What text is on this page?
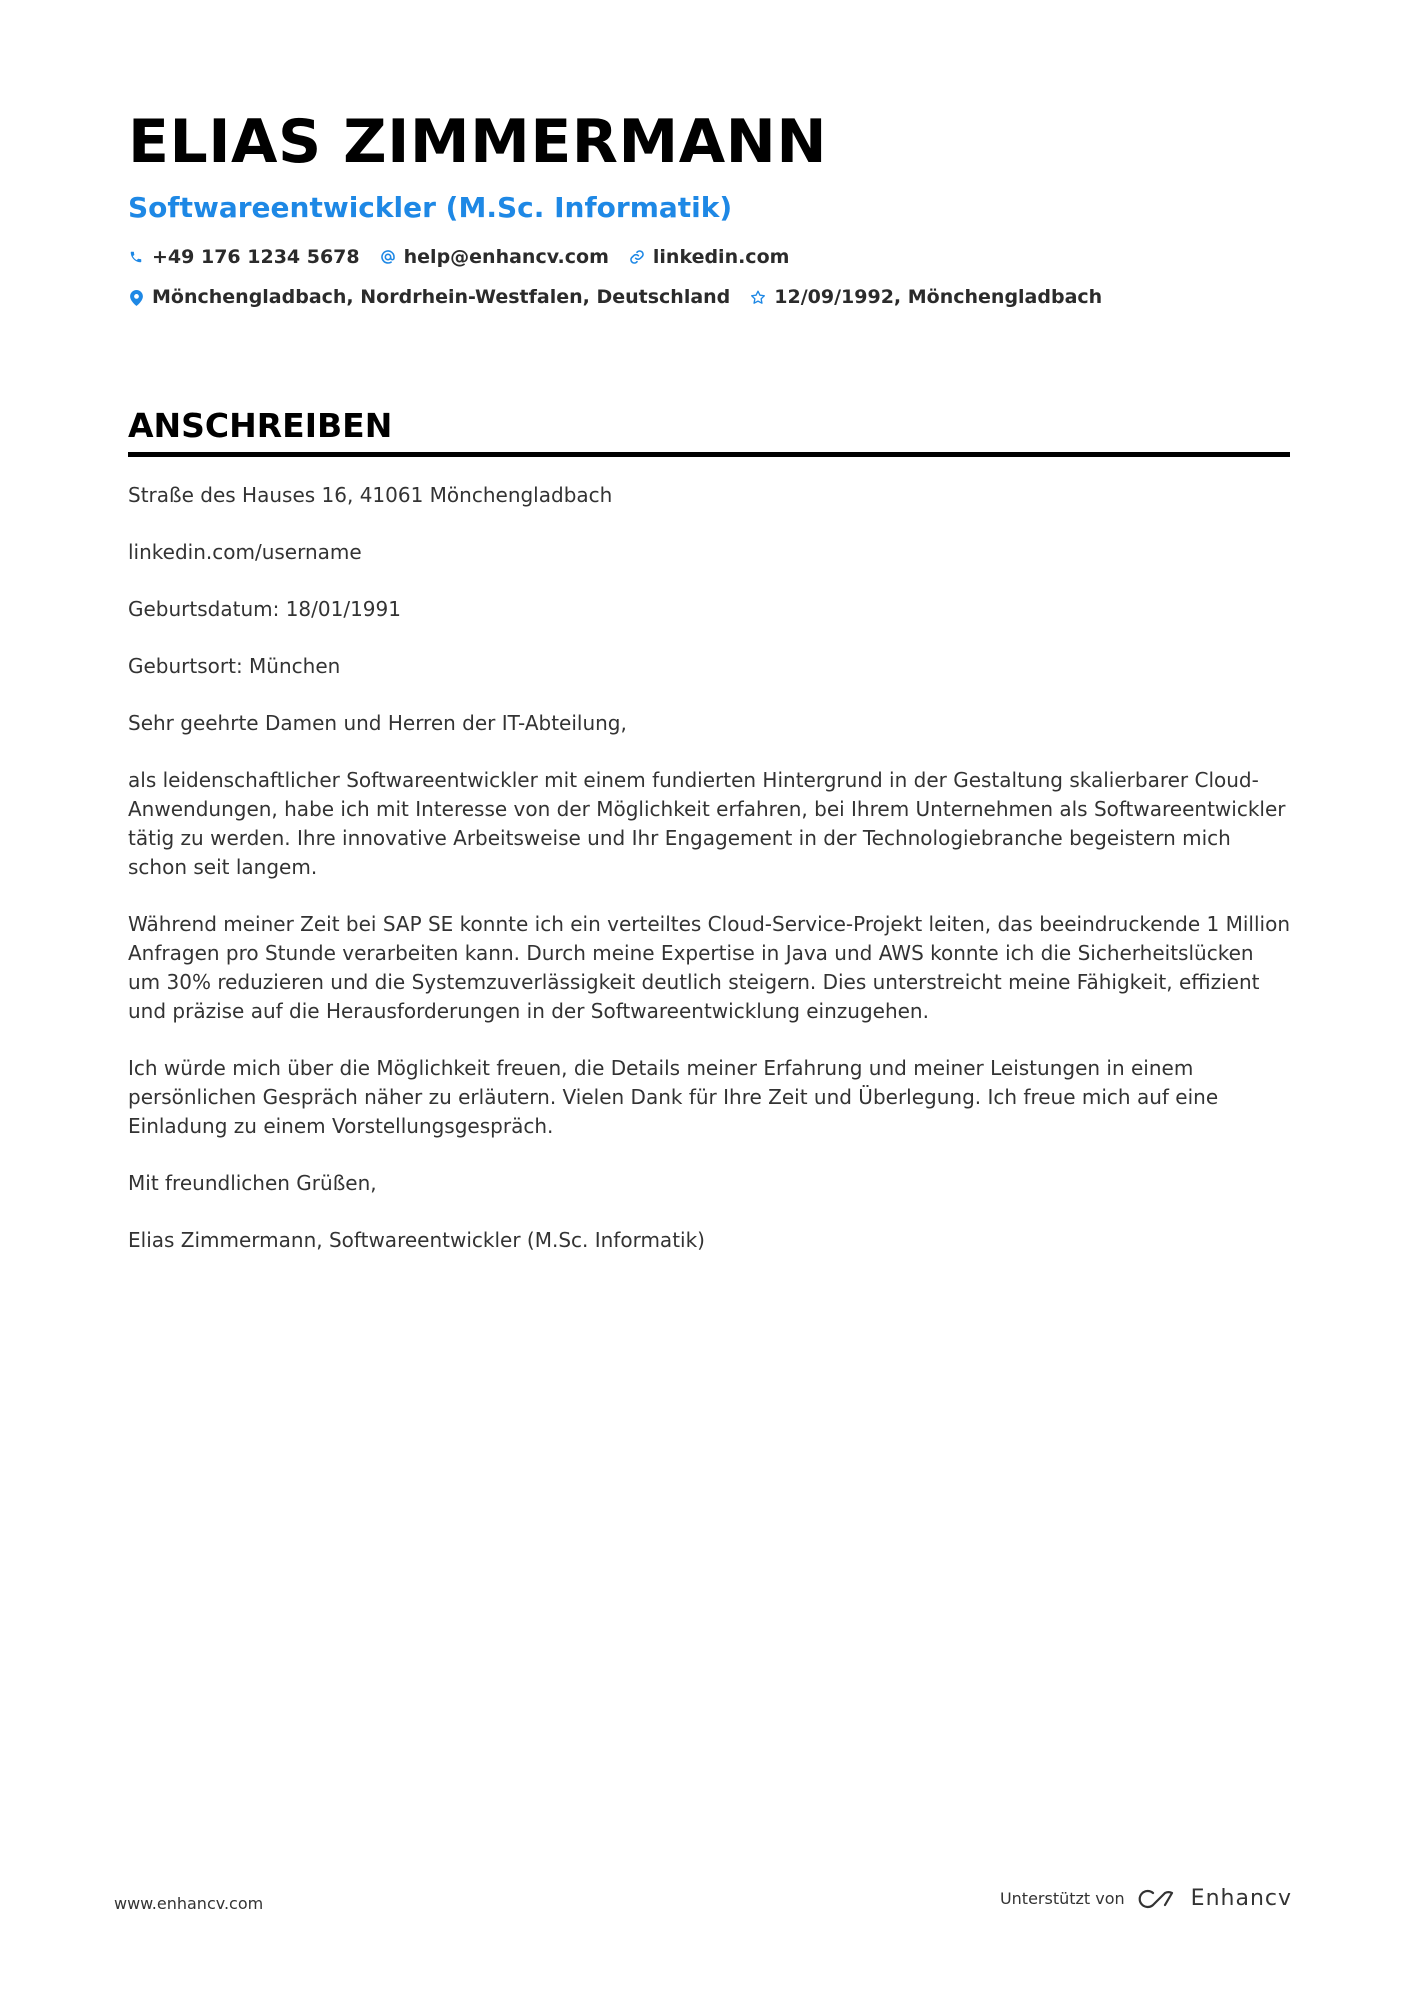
ELIAS ZIMMERMANN
Softwareentwickler (M.Sc. Informatik)
+49 176 1234 5678 help@enhancv.com linkedin.com
Mönchengladbach, Nordrhein-Westfalen, Deutschland 12/09/1992, Mönchengladbach
ANSCHREIBEN

Straße des Hauses 16, 41061 Mönchengladbach

linkedin.com/username

Geburtsdatum: 18/01/1991

Geburtsort: München

Sehr geehrte Damen und Herren der IT-Abteilung,

als leidenschaftlicher Softwareentwickler mit einem fundierten Hintergrund in der Gestaltung skalierbarer Cloud-Anwendungen, habe ich mit Interesse von der Möglichkeit erfahren, bei Ihrem Unternehmen als Softwareentwickler tätig zu werden. Ihre innovative Arbeitsweise und Ihr Engagement in der Technologiebranche begeistern mich schon seit langem.

Während meiner Zeit bei SAP SE konnte ich ein verteiltes Cloud-Service-Projekt leiten, das beeindruckende 1 Million Anfragen pro Stunde verarbeiten kann. Durch meine Expertise in Java und AWS konnte ich die Sicherheitslücken um 30% reduzieren und die Systemzuverlässigkeit deutlich steigern. Dies unterstreicht meine Fähigkeit, effizient und präzise auf die Herausforderungen in der Softwareentwicklung einzugehen.

Ich würde mich über die Möglichkeit freuen, die Details meiner Erfahrung und meiner Leistungen in einem persönlichen Gespräch näher zu erläutern. Vielen Dank für Ihre Zeit und Überlegung. Ich freue mich auf eine Einladung zu einem Vorstellungsgespräch.

Mit freundlichen Grüßen,

Elias Zimmermann, Softwareentwickler (M.Sc. Informatik)

www.enhancv.com	Unterstützt von	Enhancv
